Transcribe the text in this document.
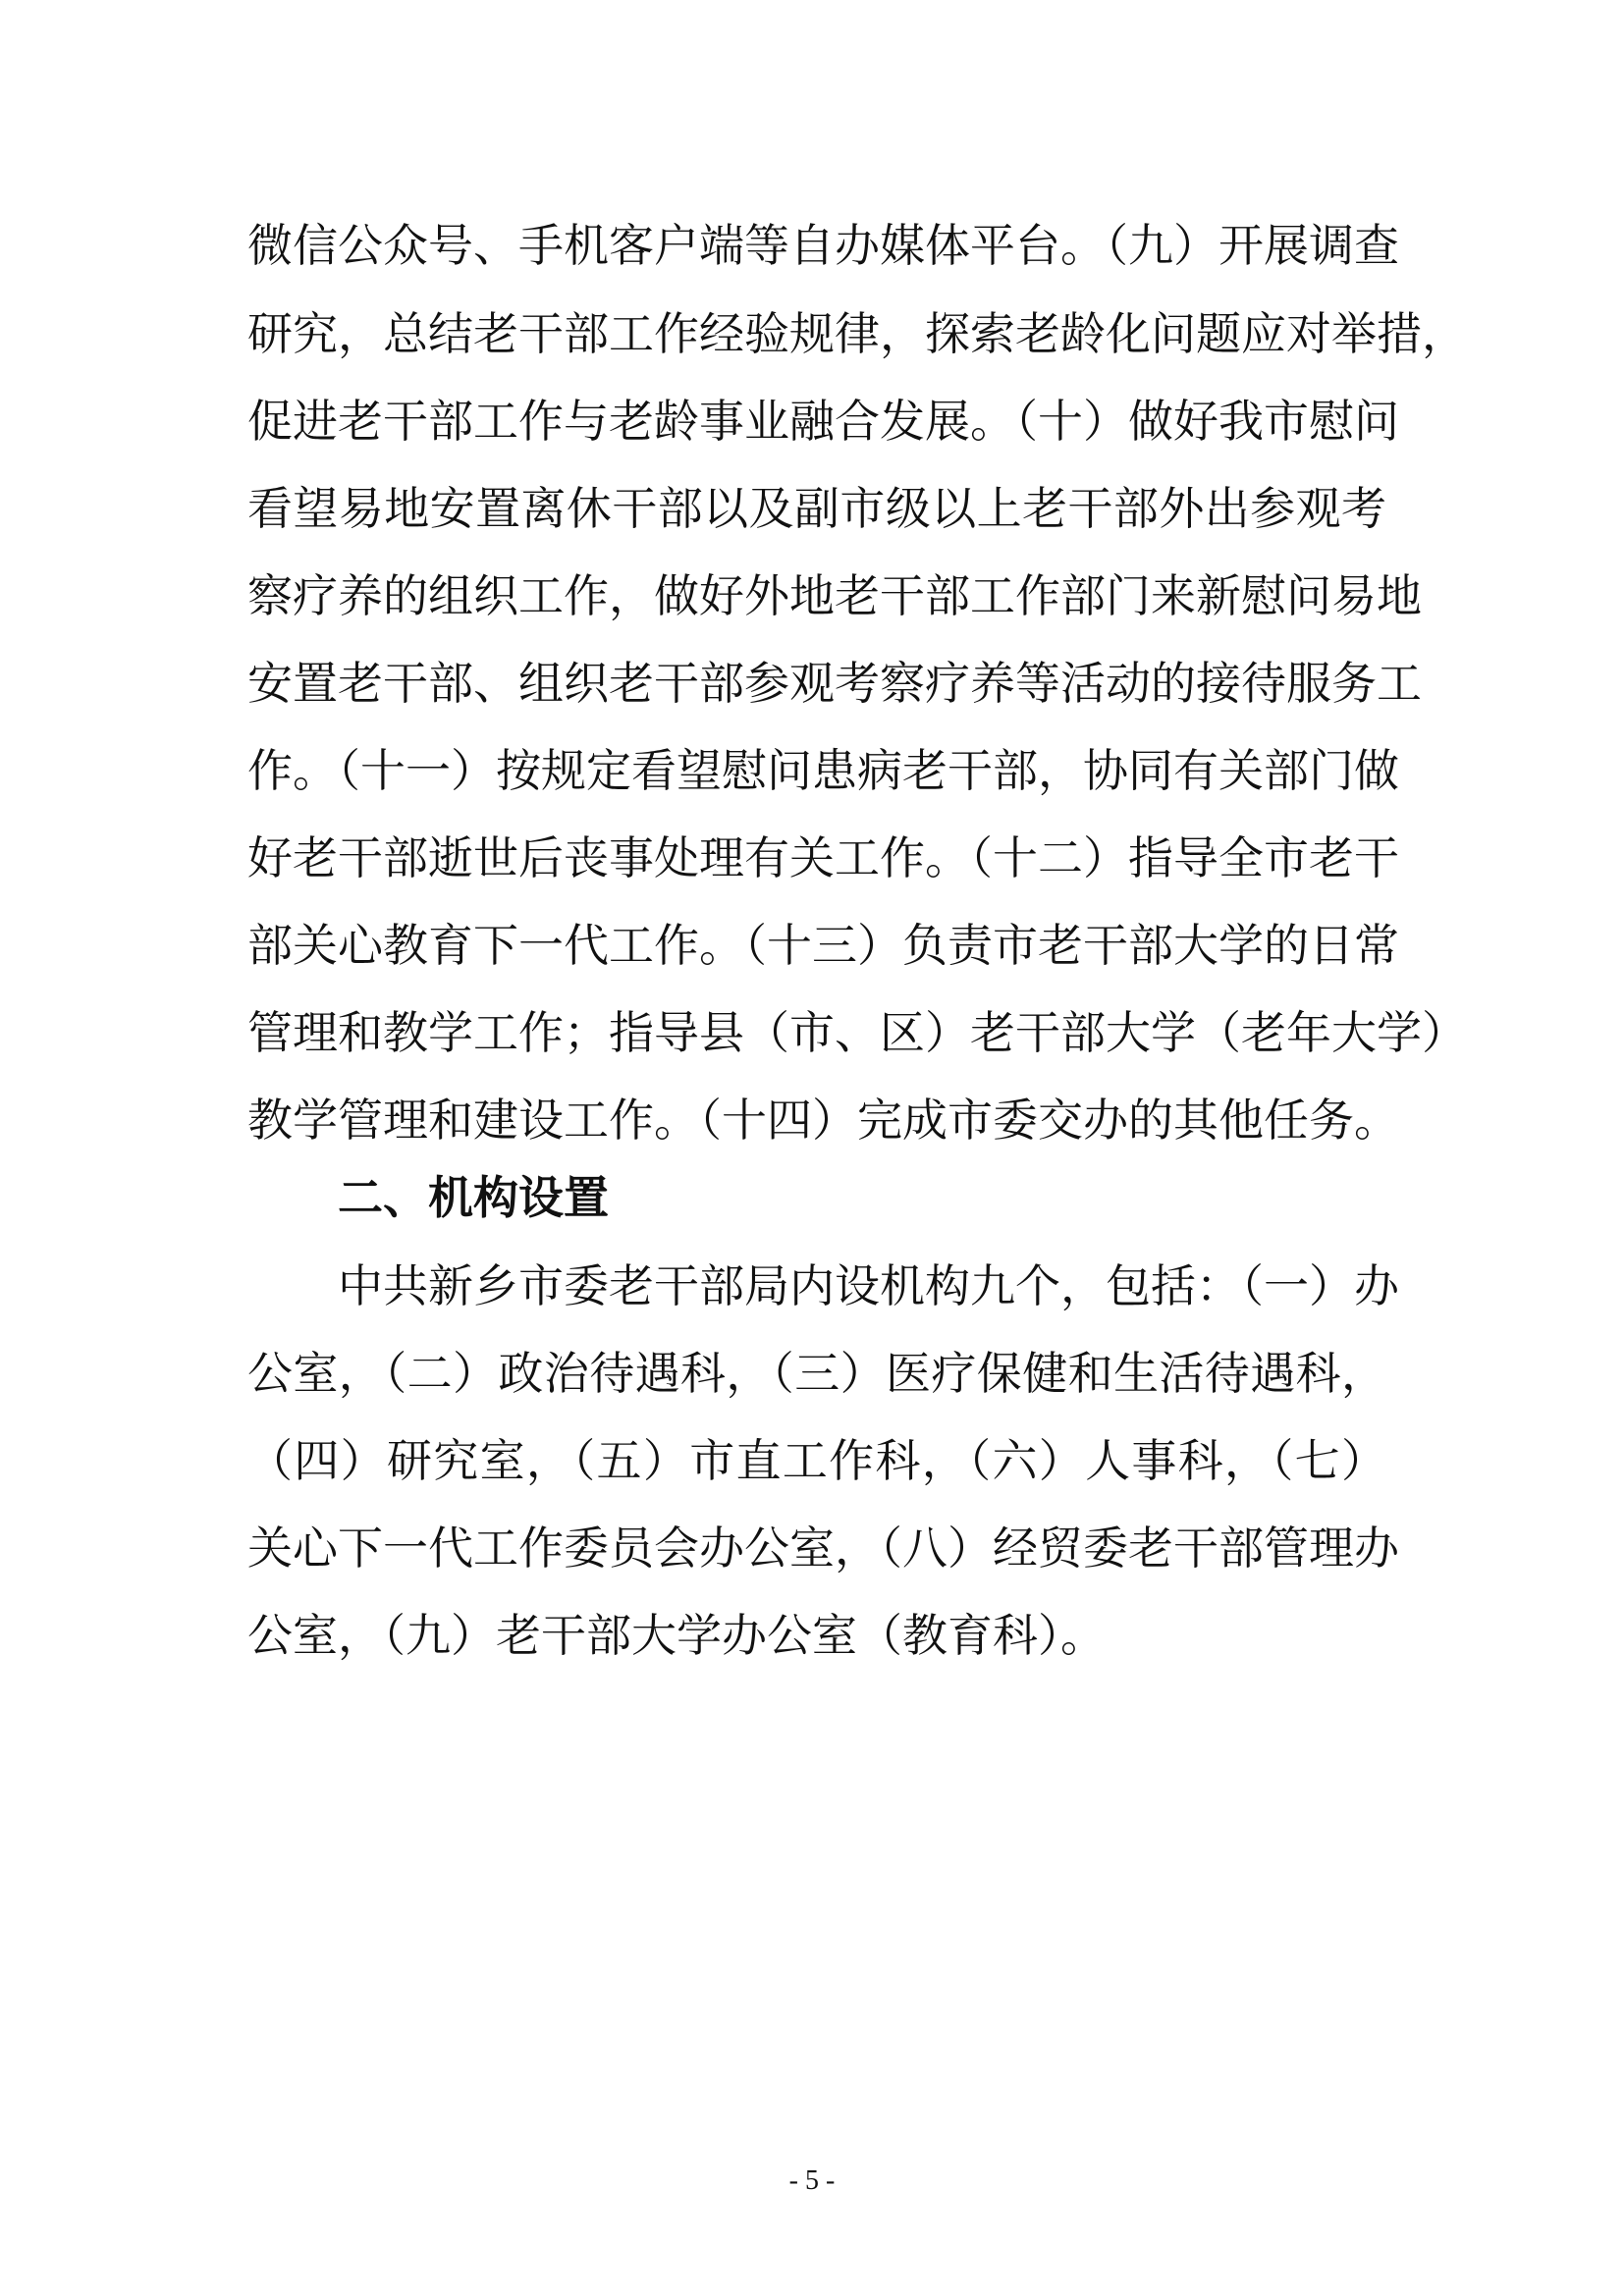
微信公众号、手机客户端等自办媒体平台。（九）开展调查
研究，总结老干部工作经验规律，探索老龄化问题应对举措，
促进老干部工作与老龄事业融合发展。（十）做好我市慰问
看望易地安置离休干部以及副市级以上老干部外出参观考
察疗养的组织工作，做好外地老干部工作部门来新慰问易地
安置老干部、组织老干部参观考察疗养等活动的接待服务工
作。（十一）按规定看望慰问患病老干部，协同有关部门做
好老干部逝世后丧事处理有关工作。（十二）指导全市老干
部关心教育下一代工作。（十三）负责市老干部大学的日常
管理和教学工作；指导县（市、区）老干部大学（老年大学）
教学管理和建设工作。（十四）完成市委交办的其他任务。
二、机构设置
中共新乡市委老干部局内设机构九个，包括：（一）办
公室，（二）政治待遇科，（三）医疗保健和生活待遇科，
（四）研究室，（五）市直工作科，（六）人事科，（七）
关心下一代工作委员会办公室，（八）经贸委老干部管理办
公室，（九）老干部大学办公室（教育科）。
- 5 -
